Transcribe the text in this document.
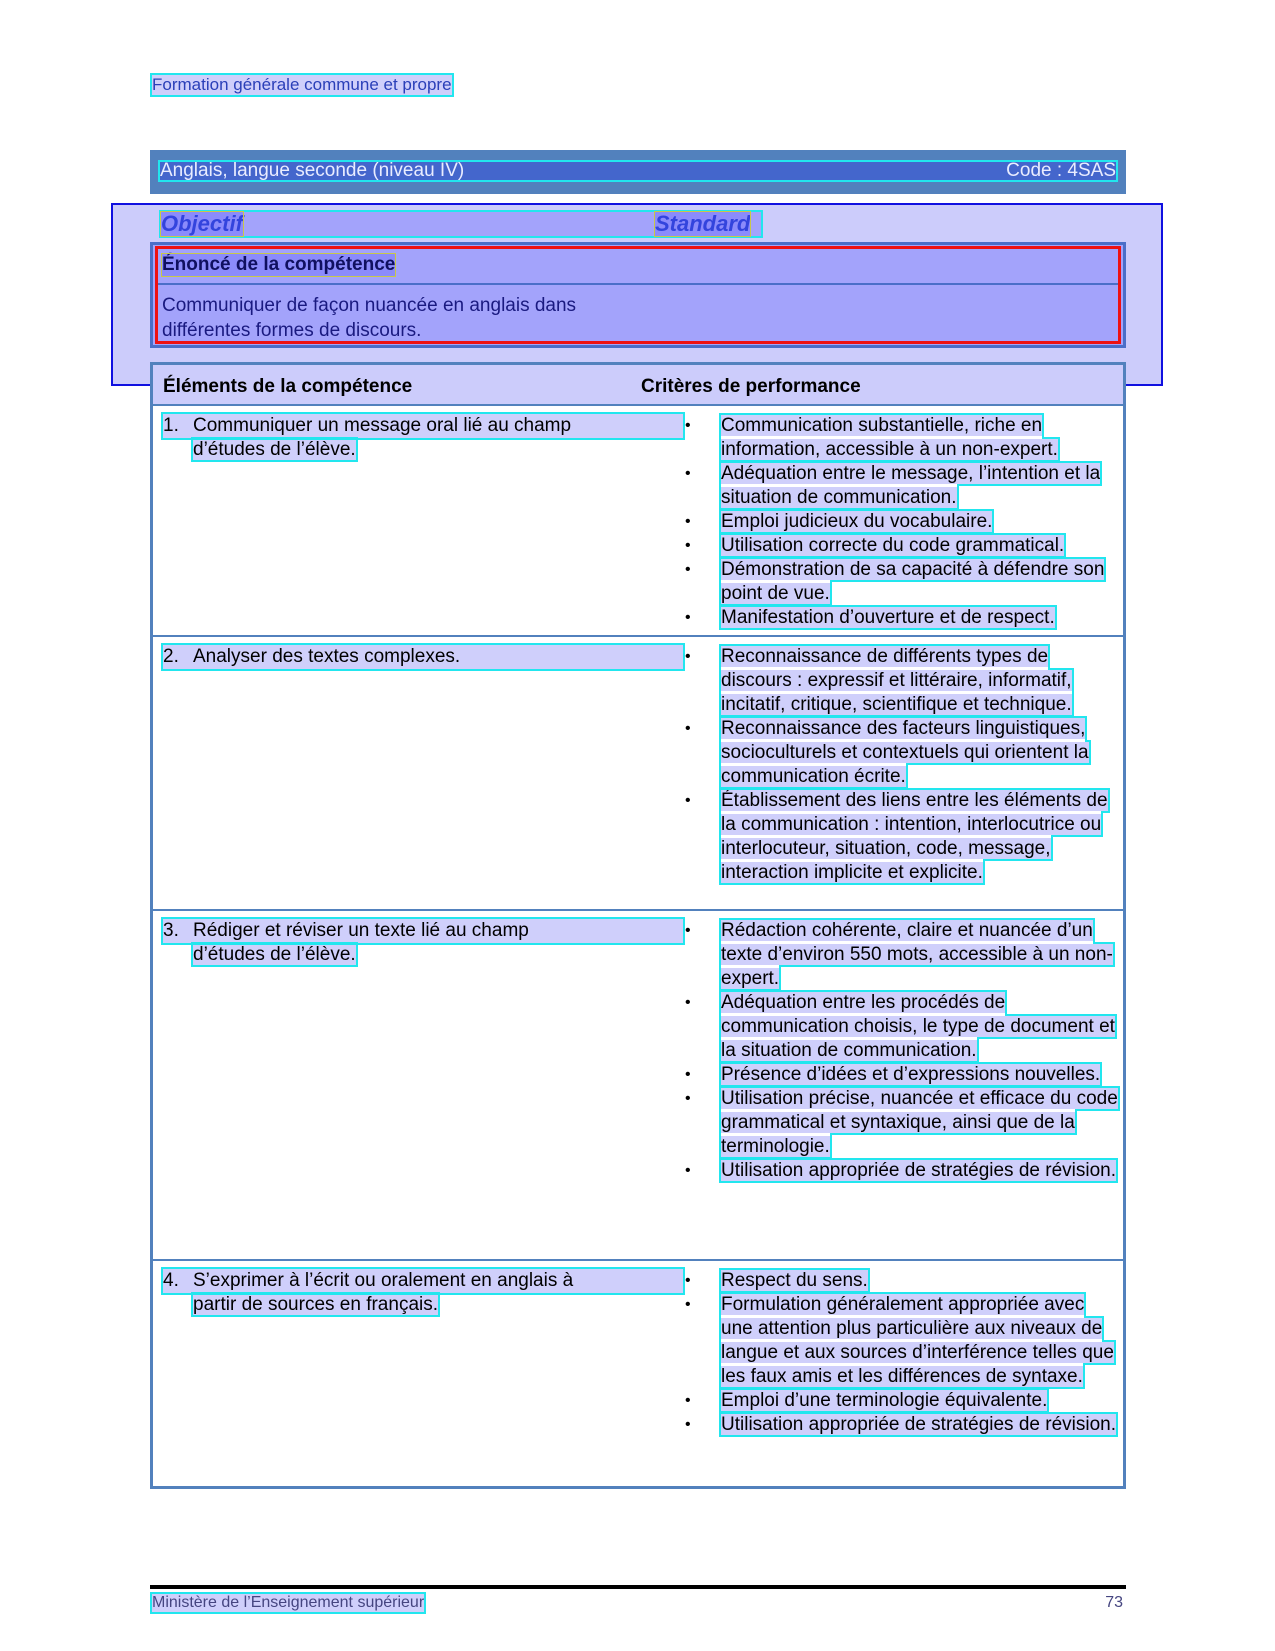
Formation générale commune et propre
Anglais, langue seconde (niveau IV)	Code : 4SAS
Objectif	Standard
Énoncé de la compétence
Communiquer de façon nuancée en anglais dans différentes formes de discours.
Éléments de la compétence	Critères de performance
1. Communiquer un message oral lié au champ
d’études de l’élève.
• Communication substantielle, riche en information, accessible à un non-expert.
• Adéquation entre le message, l’intention et la situation de communication.
• Emploi judicieux du vocabulaire.
• Utilisation correcte du code grammatical.
• Démonstration de sa capacité à défendre son point de vue.
• Manifestation d’ouverture et de respect.
2. Analyser des textes complexes.	• Reconnaissance de différents types de discours : expressif et littéraire, informatif, incitatif, critique, scientifique et technique.
• Reconnaissance des facteurs linguistiques, socioculturels et contextuels qui orientent la communication écrite.
• Établissement des liens entre les éléments de la communication : intention, interlocutrice ou interlocuteur, situation, code, message, interaction implicite et explicite.
3. Rédiger et réviser un texte lié au champ
d’études de l’élève.
• Rédaction cohérente, claire et nuancée d’un texte d’environ 550 mots, accessible à un non-expert.
• Adéquation entre les procédés de communication choisis, le type de document et la situation de communication.
• Présence d’idées et d’expressions nouvelles.
• Utilisation précise, nuancée et efficace du code grammatical et syntaxique, ainsi que de la terminologie.
• Utilisation appropriée de stratégies de révision.
4. S’exprimer à l’écrit ou oralement en anglais à
partir de sources en français.
• Respect du sens.
• Formulation généralement appropriée avec une attention plus particulière aux niveaux de langue et aux sources d’interférence telles que les faux amis et les différences de syntaxe.
• Emploi d’une terminologie équivalente.
• Utilisation appropriée de stratégies de révision.
Ministère de l’Enseignement supérieur	73
